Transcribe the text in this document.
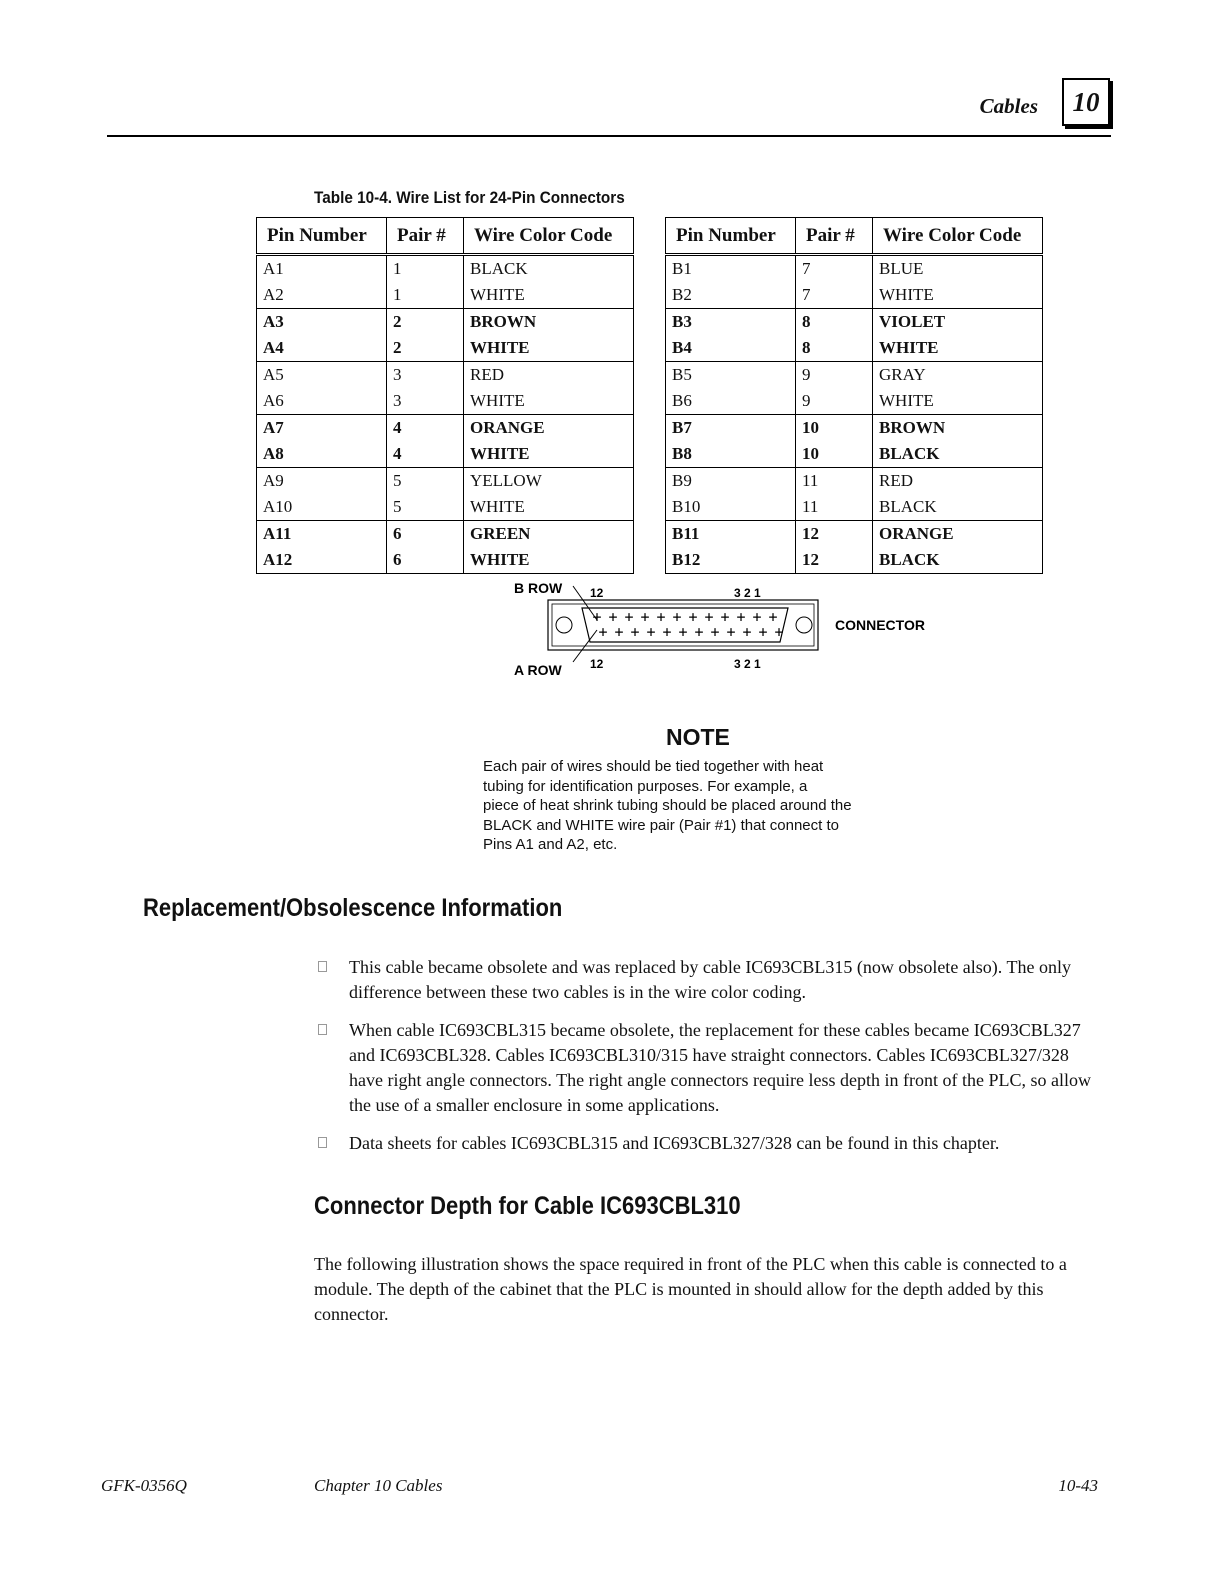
Cables	10
Table 10-4. Wire List for 24-Pin Connectors
Pin Number	Pair #	Wire Color Code
A1	1	BLACK
A2	1	WHITE
A3	2	BROWN
A4	2	WHITE
A5	3	RED
A6	3	WHITE
A7	4	ORANGE
A8	4	WHITE
A9	5	YELLOW
A10	5	WHITE
A11	6	GREEN
A12	6	WHITE
Pin Number	Pair #	Wire Color Code
B1	7	BLUE
B2	7	WHITE
B3	8	VIOLET
B4	8	WHITE
B5	9	GRAY
B6	9	WHITE
B7	10	BROWN
B8	10	BLACK
B9	11	RED
B10	11	BLACK
B11	12	ORANGE
B12	12	BLACK
B ROW 12	3 2 1
+ + + + + + + + + + + +
+ + + + + + + + + + + +
A ROW 12	3 2 1
CONNECTOR
NOTE

Each pair of wires should be tied together with heat

tubing for identification purposes. For example, a

piece of heat shrink tubing should be placed around the

BLACK and WHITE wire pair (Pair #1) that connect to

Pins A1 and A2, etc.

Replacement/Obsolescence Information
This cable became obsolete and was replaced by cable IC693CBL315 (now obsolete also). The only difference between these two cables is in the wire color coding.
When cable IC693CBL315 became obsolete, the replacement for these cables became IC693CBL327 and IC693CBL328. Cables IC693CBL310/315 have straight connectors. Cables IC693CBL327/328 have right angle connectors. The right angle connectors require less depth in front of the PLC, so allow the use of a smaller enclosure in some applications.
Data sheets for cables IC693CBL315 and IC693CBL327/328 can be found in this chapter.
Connector Depth for Cable IC693CBL310

The following illustration shows the space required in front of the PLC when this cable is connected to a module. The depth of the cabinet that the PLC is mounted in should allow for the depth added by this connector.

GFK-0356Q	Chapter 10 Cables	10-43
